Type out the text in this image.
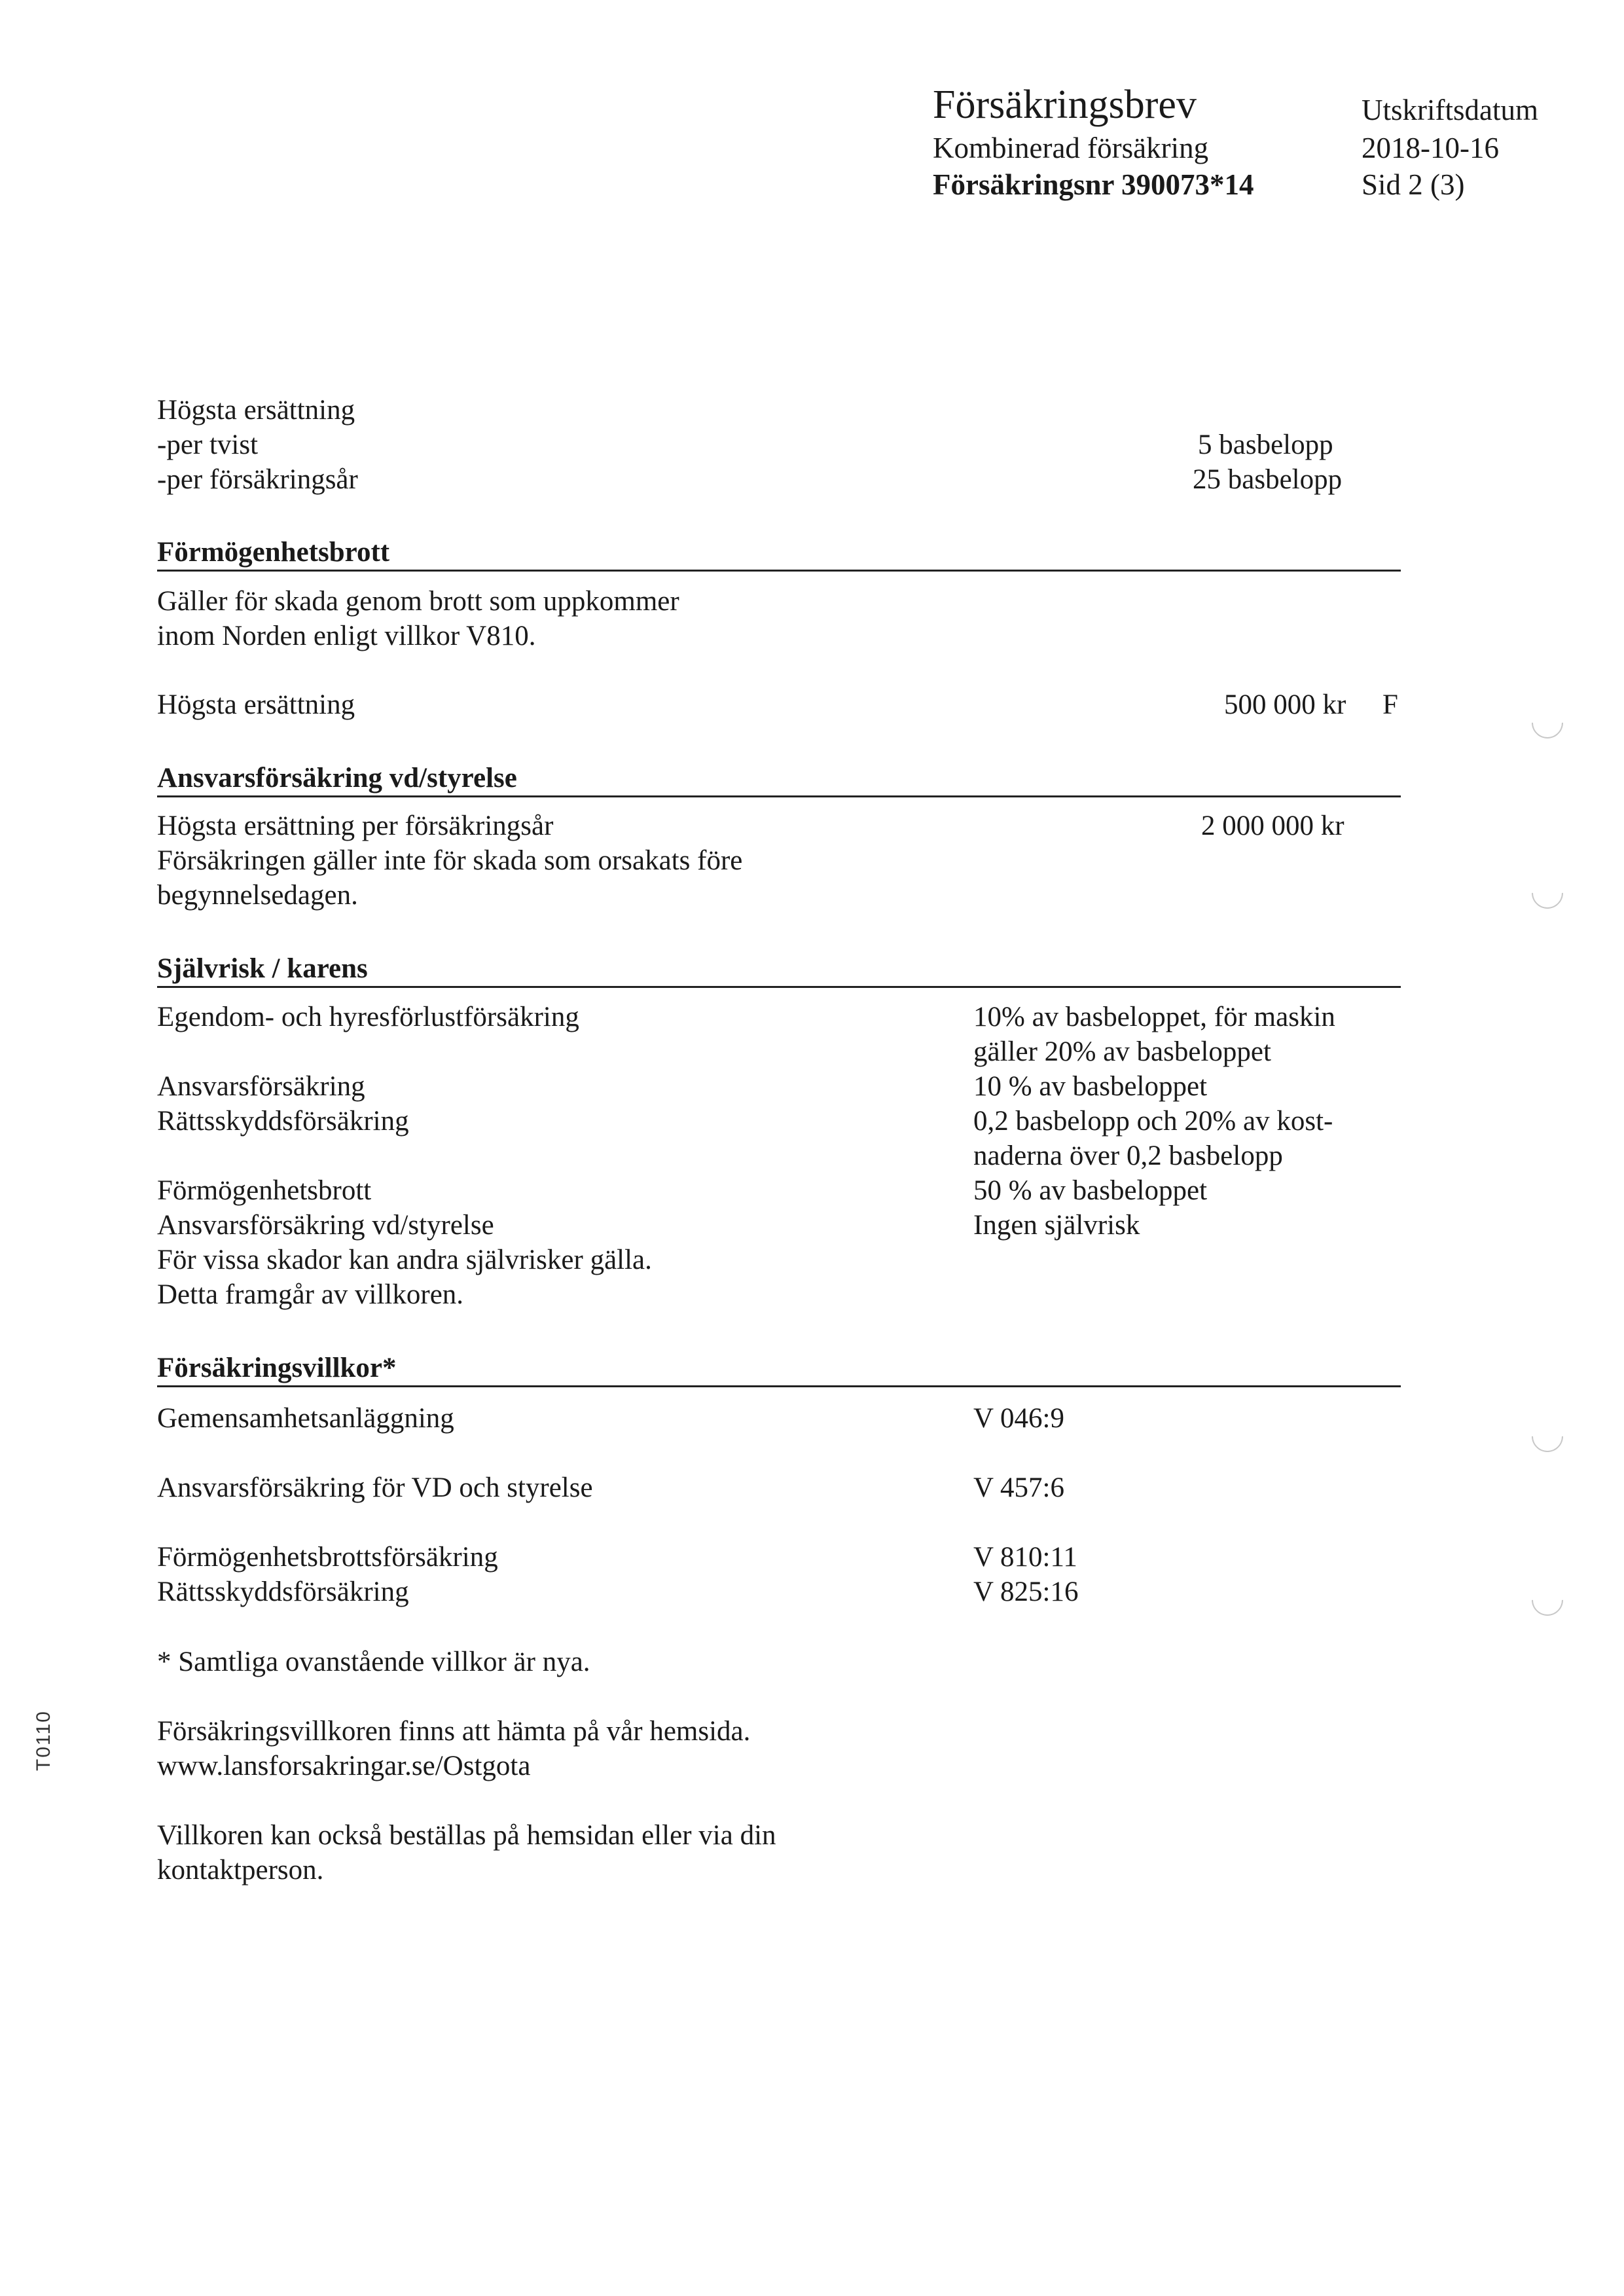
Försäkringsbrev
Kombinerad försäkring
Försäkringsnr 390073*14
Utskriftsdatum
2018-10-16
Sid 2 (3)
Högsta ersättning
-per tvist	5 basbelopp
-per försäkringsår	25 basbelopp
Förmögenhetsbrott
Gäller för skada genom brott som uppkommer
inom Norden enligt villkor V810.
Högsta ersättning	500 000 kr F
Ansvarsförsäkring vd/styrelse
Högsta ersättning per försäkringsår	2 000 000 kr
Försäkringen gäller inte för skada som orsakats före
begynnelsedagen.
Självrisk / karens
Egendom- och hyresförlustförsäkring	10% av basbeloppet, för maskin
gäller 20% av basbeloppet
Ansvarsförsäkring	10 % av basbeloppet
Rättsskyddsförsäkring	0,2 basbelopp och 20% av kost-
naderna över 0,2 basbelopp
Förmögenhetsbrott	50 % av basbeloppet
Ansvarsförsäkring vd/styrelse	Ingen självrisk
För vissa skador kan andra självrisker gälla.
Detta framgår av villkoren.
Försäkringsvillkor*
Gemensamhetsanläggning	V 046:9
Ansvarsförsäkring för VD och styrelse	V 457:6
Förmögenhetsbrottsförsäkring	V 810:11
Rättsskyddsförsäkring	V 825:16
* Samtliga ovanstående villkor är nya.
Försäkringsvillkoren finns att hämta på vår hemsida.
www.lansforsakringar.se/Ostgota
Villkoren kan också beställas på hemsidan eller via din
kontaktperson.
T0110
